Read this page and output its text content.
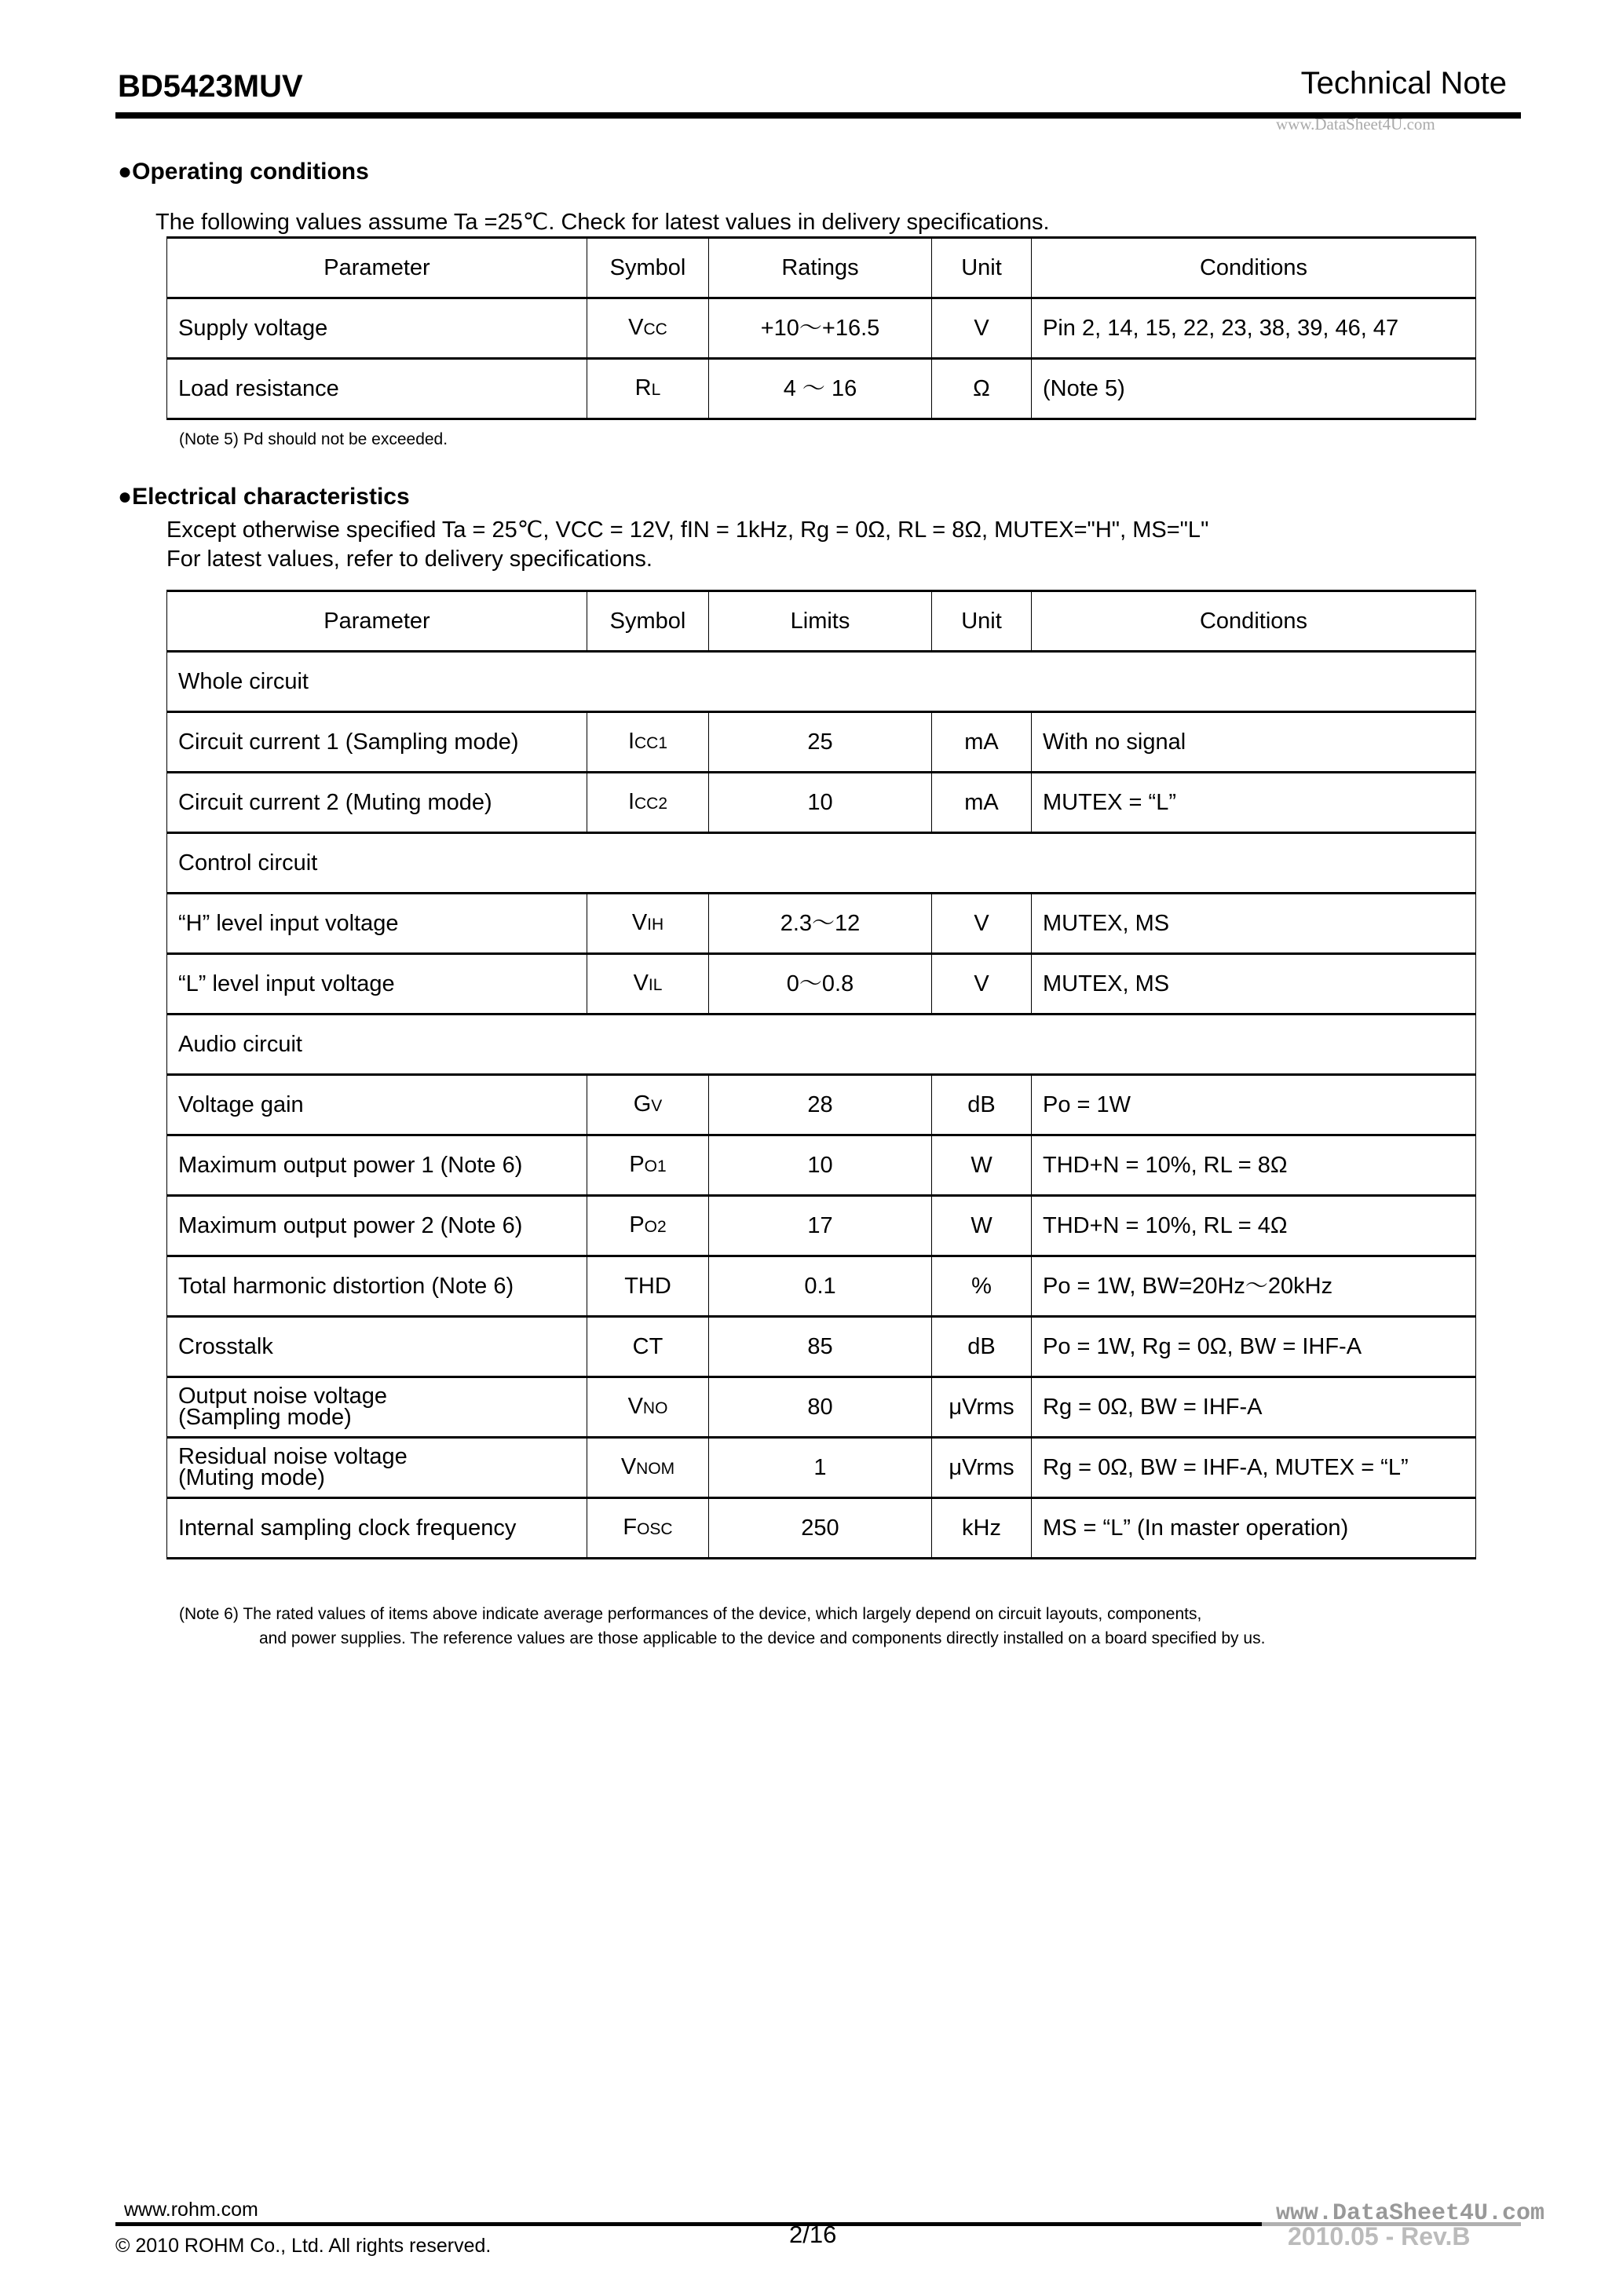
BD5423MUV	Technical Note
www.DataSheet4U.com
●Operating conditions
The following values assume Ta =25℃. Check for latest values in delivery specifications.
Parameter	Symbol	Ratings	Unit	Conditions

Supply voltage	VCC	+10～+16.5	V	Pin 2, 14, 15, 22, 23, 38, 39, 46, 47

Load resistance	RL	4 ～ 16	Ω	(Note 5)
(Note 5) Pd should not be exceeded.
●Electrical characteristics
Except otherwise specified Ta = 25℃, VCC = 12V, fIN = 1kHz, Rg = 0Ω, RL = 8Ω, MUTEX="H", MS="L"
For latest values, refer to delivery specifications.
Parameter	Symbol	Limits	Unit	Conditions
Whole circuit				

Circuit current 1 (Sampling mode)	ICC1	25	mA	With no signal

Circuit current 2 (Muting mode)	ICC2	10	mA	MUTEX = “L”
Control circuit				

“H” level input voltage	VIH	2.3～12	V	MUTEX, MS

“L” level input voltage	VIL	0～0.8	V	MUTEX, MS
Audio circuit				

Voltage gain	GV	28	dB	Po = 1W

Maximum output power 1 (Note 6)	PO1	10	W	THD+N = 10%, RL = 8Ω

Maximum output power 2 (Note 6)	PO2	17	W	THD+N = 10%, RL = 4Ω

Total harmonic distortion (Note 6)	THD	0.1	%	Po = 1W, BW=20Hz～20kHz

Crosstalk	CT	85	dB	Po = 1W, Rg = 0Ω, BW = IHF-A

Output noise voltage
(Sampling mode)	VNO	80	μVrms	Rg = 0Ω, BW = IHF-A

Residual noise voltage
(Muting mode)	VNOM	1	μVrms	Rg = 0Ω, BW = IHF-A, MUTEX = “L”

Internal sampling clock frequency	FOSC	250	kHz	MS = “L” (In master operation)
(Note 6) The rated values of items above indicate average performances of the device, which largely depend on circuit layouts, components,
and power supplies. The reference values are those applicable to the device and components directly installed on a board specified by us.
www.rohm.com
© 2010 ROHM Co., Ltd. All rights reserved.	2/16	2010.05 - Rev.B
www.DataSheet4U.com
